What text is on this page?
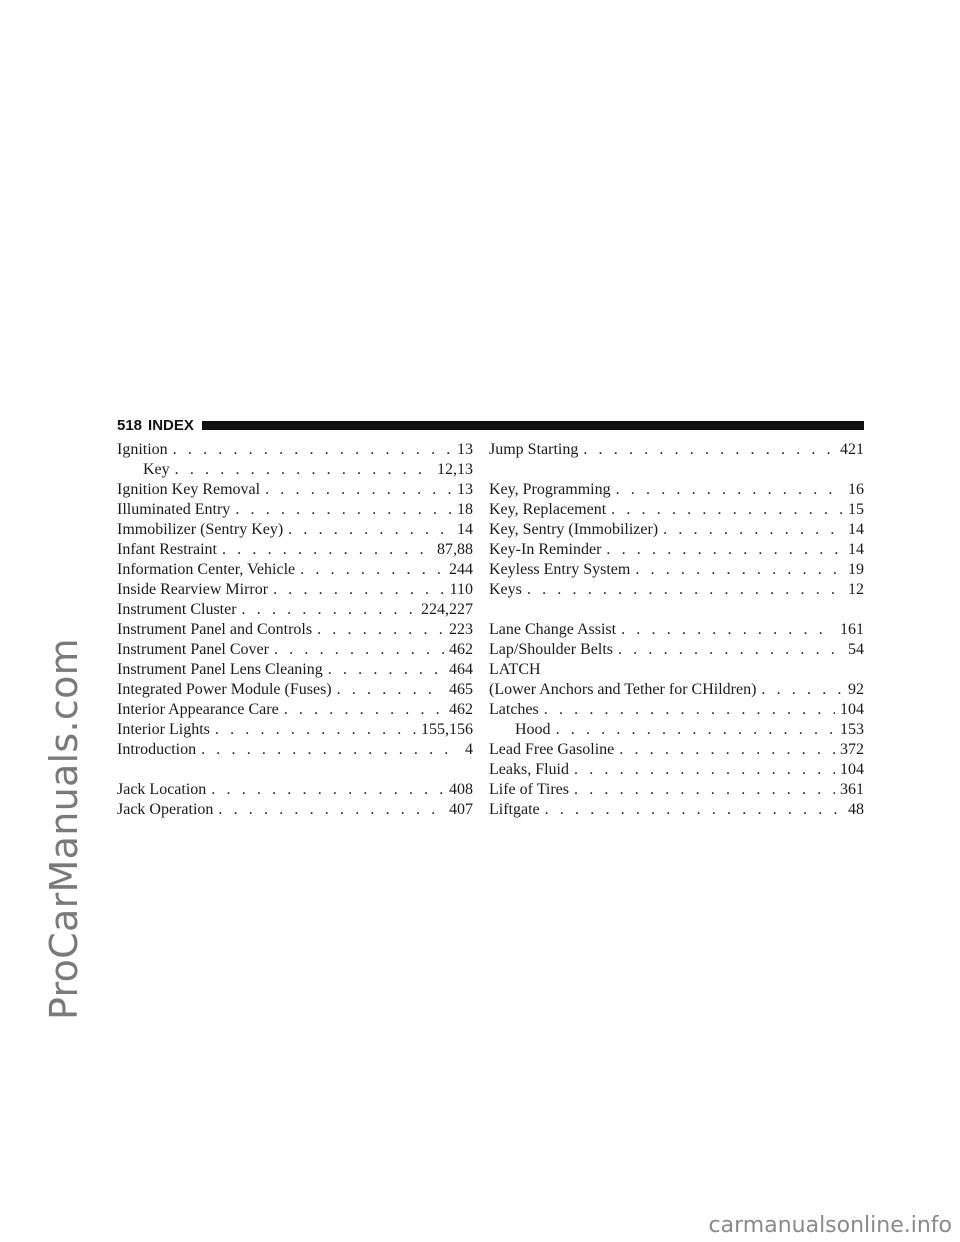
ProCarManuals.com
518 INDEX
Ignition . . .	13
Key . . .	12,13
Ignition Key Removal . . .	13
Illuminated Entry . . .	18
Immobilizer (Sentry Key) . . .	14
Infant Restraint . . .	87,88
Information Center, Vehicle . . .	244
Inside Rearview Mirror . . .	110
Instrument Cluster . . .	224,227
Instrument Panel and Controls . . .	223
Instrument Panel Cover . . .	462
Instrument Panel Lens Cleaning . . .	464
Integrated Power Module (Fuses) . . .	465
Interior Appearance Care . . .	462
Interior Lights . . .	155,156
Introduction . . .	4
Jack Location . . .	408
Jack Operation . . .	407
Jump Starting . . .	421
Key, Programming . . .	16
Key, Replacement . . .	15
Key, Sentry (Immobilizer) . . .	14
Key-In Reminder . . .	14
Keyless Entry System . . .	19
Keys . . .	12
Lane Change Assist . . .	161
Lap/Shoulder Belts . . .	54
LATCH
(Lower Anchors and Tether for CHildren) . . .	92
Latches . . .	104
Hood . . .	153
Lead Free Gasoline . . .	372
Leaks, Fluid . . .	104
Life of Tires . . .	361
Liftgate . . .	48
carmanualsonline.info
